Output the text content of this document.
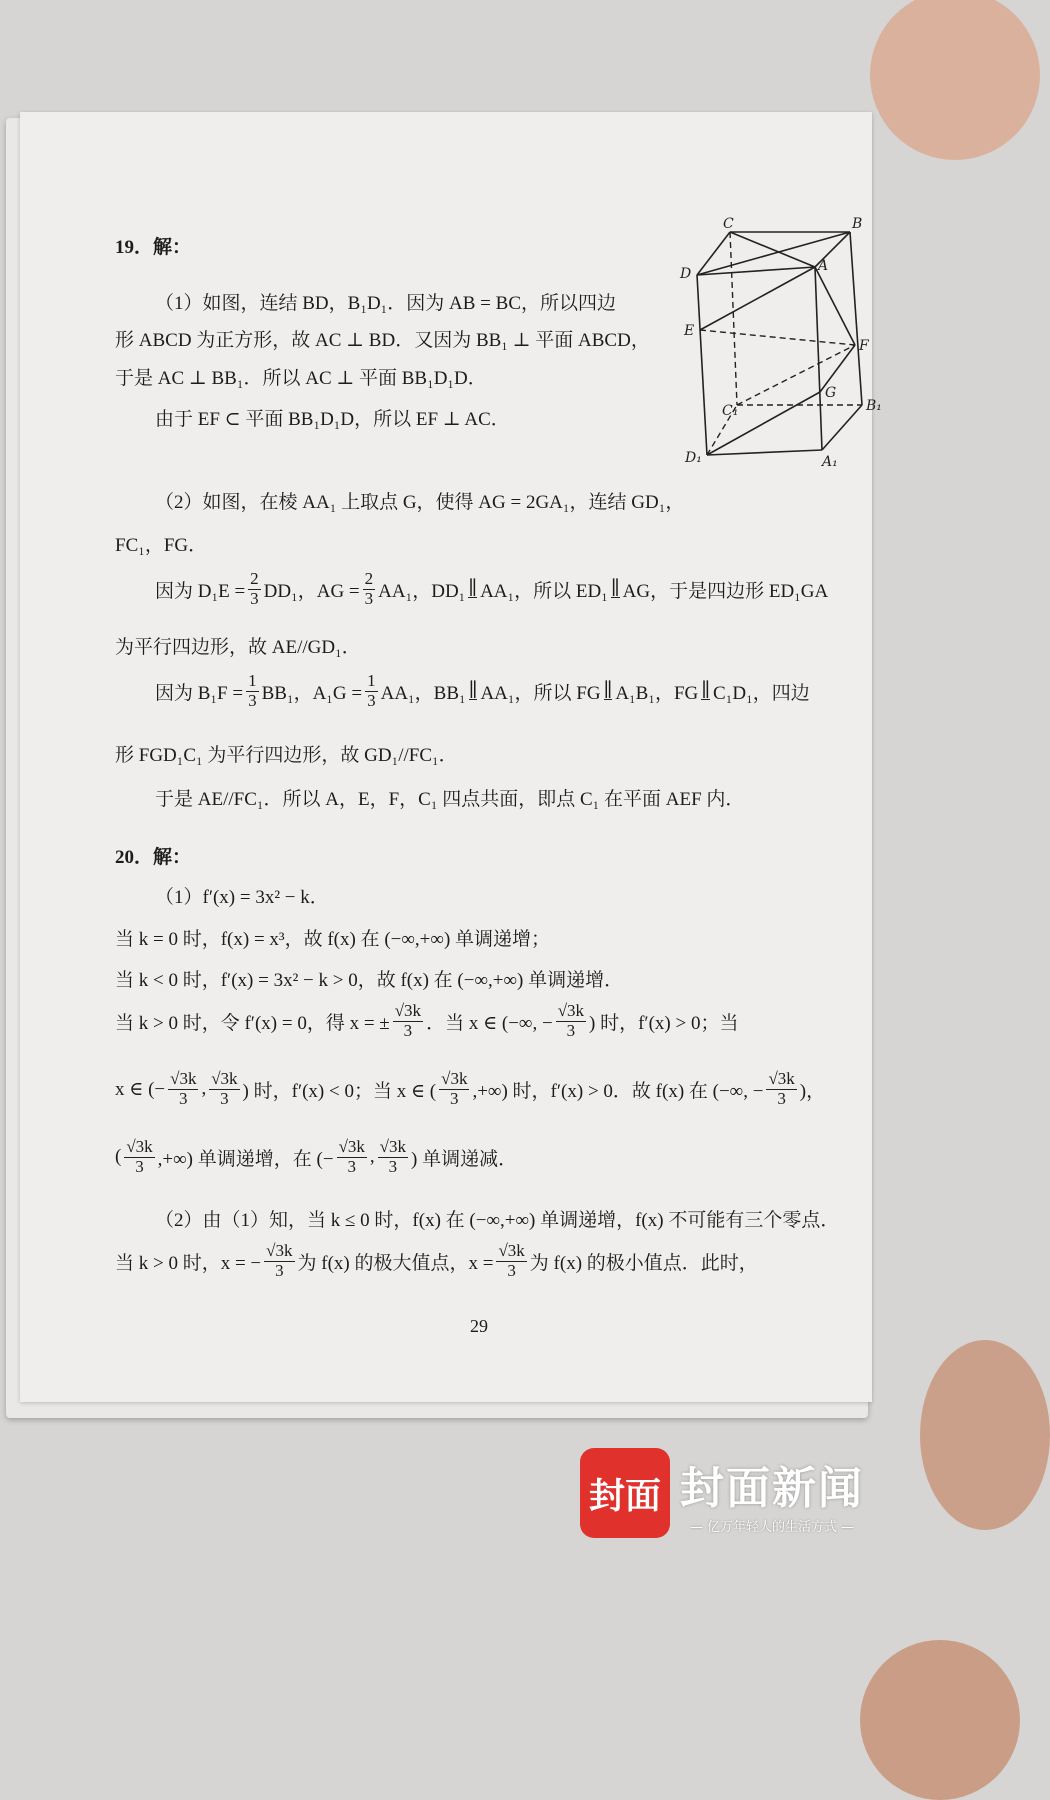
19．解：
（1）如图，连结 BD，B₁D₁．因为 AB = BC，所以四边
形 ABCD 为正方形，故 AC ⊥ BD．又因为 BB₁ ⊥ 平面 ABCD，
于是 AC ⊥ BB₁．所以 AC ⊥ 平面 BB₁D₁D．
由于 EF ⊂ 平面 BB₁D₁D，所以 EF ⊥ AC．
（2）如图，在棱 AA₁ 上取点 G，使得 AG = 2GA₁，连结 GD₁，
FC₁，FG．
因为 $D_1E = \frac{2}{3} DD_1$，AG = $\frac{2}{3} AA_1$，DD₁ ∥ AA₁，所以 ED₁ ∥ AG，于是四边形 ED₁GA
为平行四边形，故 AE//GD₁．
因为 $B_1F = \frac{1}{3} BB_1$，$A_1G = \frac{1}{3} AA_1$，BB₁ ∥ AA₁，所以 FG ∥ A₁B₁，FG ∥ C₁D₁，四边
形 FGD₁C₁ 为平行四边形，故 GD₁//FC₁．
于是 AE//FC₁．所以 A，E，F，C₁ 四点共面，即点 C₁ 在平面 AEF 内．
20．解：
（1）f′(x) = 3x² − k．
当 k = 0 时，f(x) = x³，故 f(x) 在 (−∞,+∞) 单调递增；
当 k < 0 时，f′(x) = 3x² − k > 0，故 f(x) 在 (−∞,+∞) 单调递增．
当 k > 0 时，令 f′(x) = 0，得 x = ± $\frac{√3k}{3}$ ．当 x ∈ (−∞, − $\frac{√3k}{3}$ ) 时，f′(x) > 0；当
x ∈ (− $\frac{√3k}{3}$ , $\frac{√3k}{3}$ ) 时，f′(x) < 0；当 x ∈ ( $\frac{√3k}{3}$ ,+∞) 时，f′(x) > 0．故 f(x) 在 (−∞, − $\frac{√3k}{3}$ )，
( $\frac{√3k}{3}$ ,+∞) 单调递增，在 (− $\frac{√3k}{3}$ , $\frac{√3k}{3}$ ) 单调递减．
（2）由（1）知，当 k ≤ 0 时，f(x) 在 (−∞,+∞) 单调递增，f(x) 不可能有三个零点．
当 k > 0 时，x = − $\frac{√3k}{3}$ 为 f(x) 的极大值点，$x = \frac{√3k}{3}$ 为 f(x) 的极小值点．此时，
C	B
D	A
E
F
G
C₁	B₁
D₁	A₁
29
封面 封面新闻
— 亿万年轻人的生活方式 —
